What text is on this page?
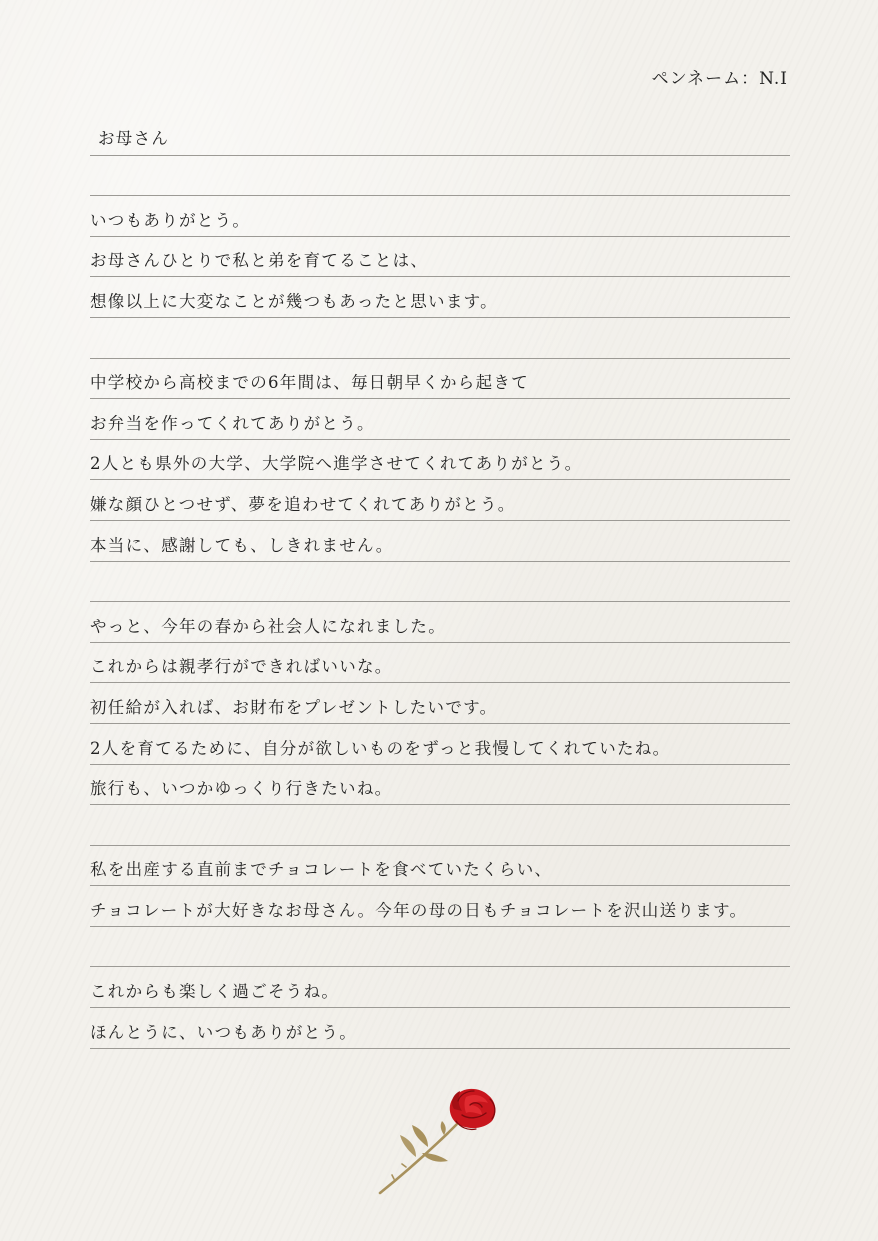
ペンネーム：N.I
お母さん
いつもありがとう。
お母さんひとりで私と弟を育てることは、
想像以上に大変なことが幾つもあったと思います。
中学校から高校までの6年間は、毎日朝早くから起きて
お弁当を作ってくれてありがとう。
2人とも県外の大学、大学院へ進学させてくれてありがとう。
嫌な顔ひとつせず、夢を追わせてくれてありがとう。
本当に、感謝しても、しきれません。
やっと、今年の春から社会人になれました。
これからは親孝行ができればいいな。
初任給が入れば、お財布をプレゼントしたいです。
2人を育てるために、自分が欲しいものをずっと我慢してくれていたね。
旅行も、いつかゆっくり行きたいね。
私を出産する直前までチョコレートを食べていたくらい、
チョコレートが大好きなお母さん。今年の母の日もチョコレートを沢山送ります。
これからも楽しく過ごそうね。
ほんとうに、いつもありがとう。
